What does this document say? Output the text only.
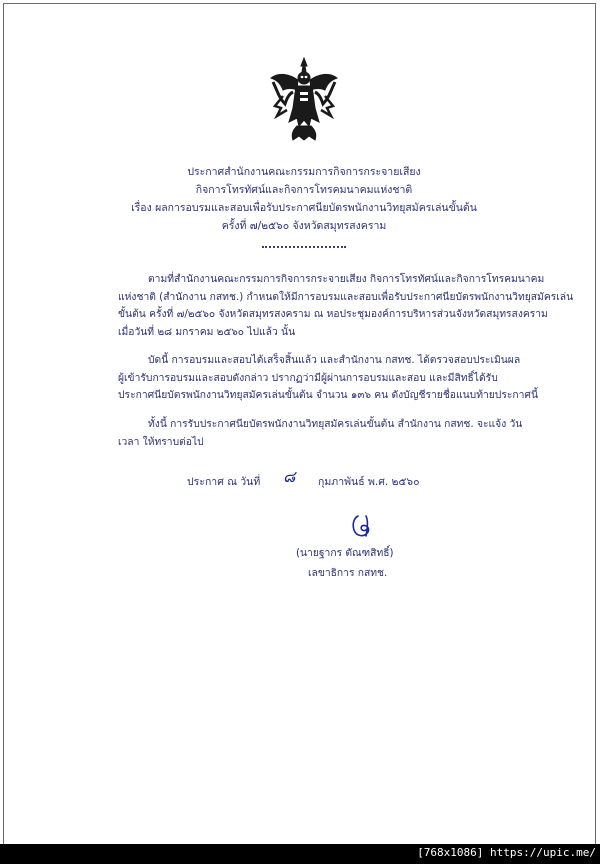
ประกาศสำนักงานคณะกรรมการกิจการกระจายเสียง
กิจการโทรทัศน์และกิจการโทรคมนาคมแห่งชาติ
เรื่อง ผลการอบรมและสอบเพื่อรับประกาศนียบัตรพนักงานวิทยุสมัครเล่นขั้นต้น
ครั้งที่ ๗/๒๕๖๐ จังหวัดสมุทรสงคราม
ตามที่สำนักงานคณะกรรมการกิจการกระจายเสียง กิจการโทรทัศน์และกิจการโทรคมนาคม
แห่งชาติ (สำนักงาน กสทช.) กำหนดให้มีการอบรมและสอบเพื่อรับประกาศนียบัตรพนักงานวิทยุสมัครเล่น
ขั้นต้น ครั้งที่ ๗/๒๕๖๐ จังหวัดสมุทรสงคราม ณ หอประชุมองค์การบริหารส่วนจังหวัดสมุทรสงคราม
เมื่อวันที่ ๒๘ มกราคม ๒๕๖๐ ไปแล้ว นั้น
บัดนี้ การอบรมและสอบได้เสร็จสิ้นแล้ว และสำนักงาน กสทช. ได้ตรวจสอบประเมินผล
ผู้เข้ารับการอบรมและสอบดังกล่าว ปรากฏว่ามีผู้ผ่านการอบรมและสอบ และมีสิทธิ์ได้รับ
ประกาศนียบัตรพนักงานวิทยุสมัครเล่นขั้นต้น จำนวน ๑๓๖ คน ดังบัญชีรายชื่อแนบท้ายประกาศนี้
ทั้งนี้ การรับประกาศนียบัตรพนักงานวิทยุสมัครเล่นขั้นต้น สำนักงาน กสทช. จะแจ้ง วัน
เวลา ให้ทราบต่อไป
ประกาศ ณ วันที่ ๘ กุมภาพันธ์ พ.ศ. ๒๕๖๐
(นายฐากร ตัณฑสิทธิ์)
เลขาธิการ กสทช.
[768x1086] https://upic.me/
